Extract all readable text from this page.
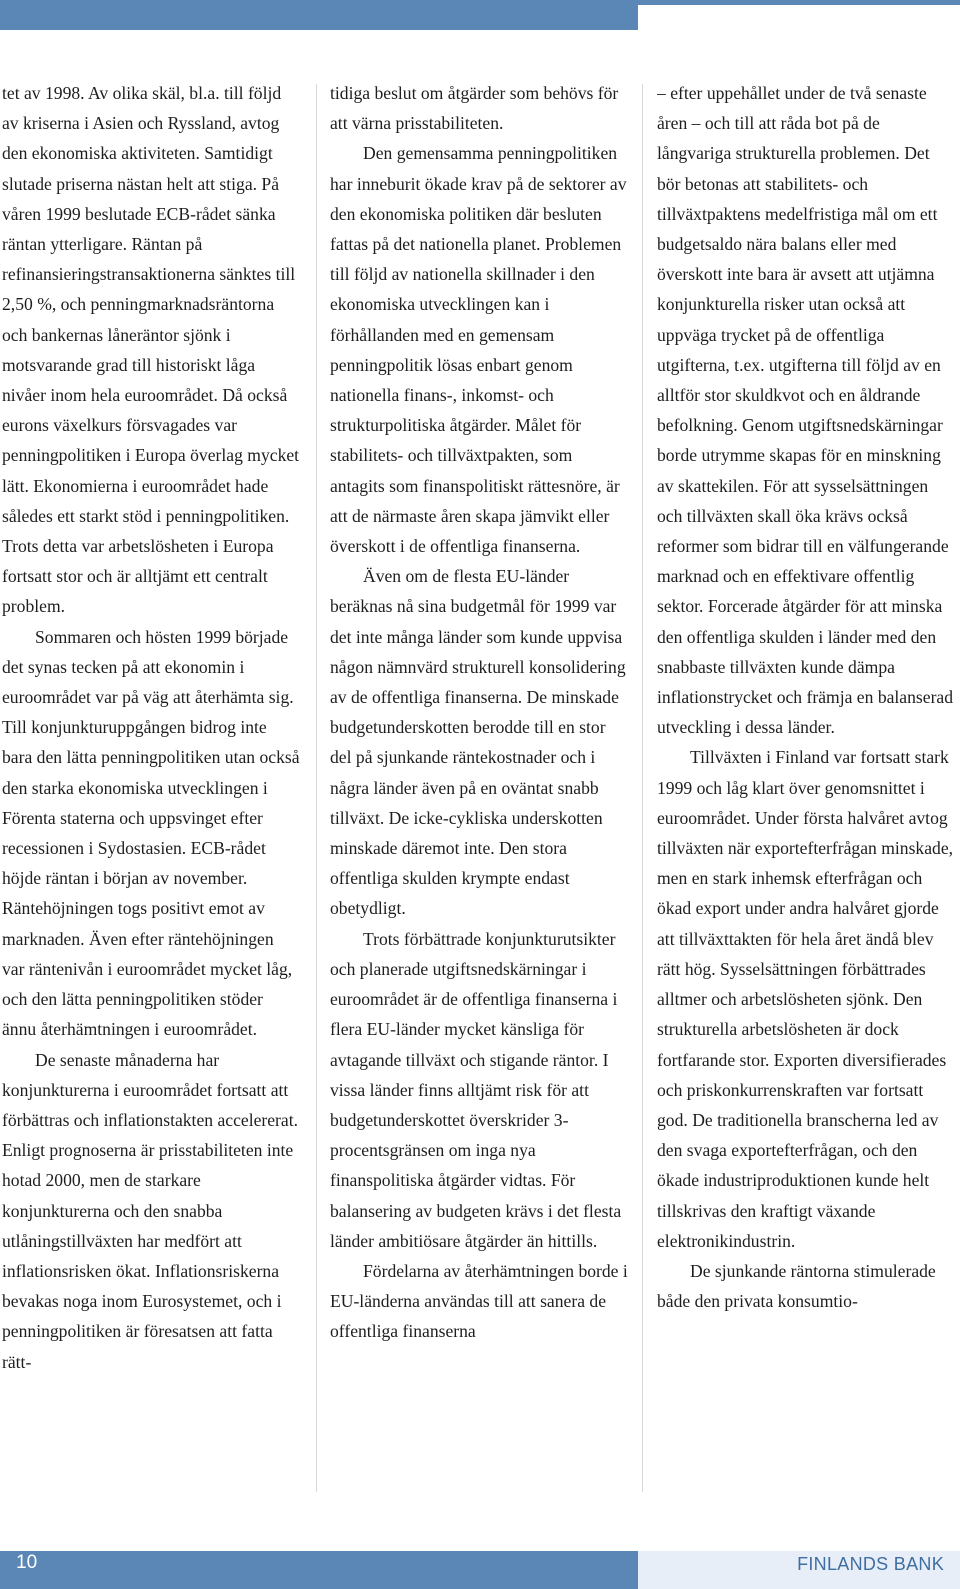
tet av 1998. Av olika skäl, bl.a. till följd av kriserna i Asien och Ryssland, avtog den ekonomiska aktiviteten. Samtidigt slutade priserna nästan helt att stiga. På våren 1999 beslutade ECB-rådet sänka räntan ytterligare. Räntan på refinansieringstransaktionerna sänktes till 2,50 %, och penningmarknadsräntorna och bankernas låneräntor sjönk i motsvarande grad till historiskt låga nivåer inom hela euroområdet. Då också eurons växelkurs försvagades var penningpolitiken i Europa överlag mycket lätt. Ekonomierna i euroområdet hade således ett starkt stöd i penningpolitiken. Trots detta var arbetslösheten i Europa fortsatt stor och är alltjämt ett centralt problem.

Sommaren och hösten 1999 började det synas tecken på att ekonomin i euroområdet var på väg att återhämta sig. Till konjunkturuppgången bidrog inte bara den lätta penningpolitiken utan också den starka ekonomiska utvecklingen i Förenta staterna och uppsvinget efter recessionen i Sydostasien. ECB-rådet höjde räntan i början av november. Räntehöjningen togs positivt emot av marknaden. Även efter räntehöjningen var räntenivån i euroområdet mycket låg, och den lätta penningpolitiken stöder ännu återhämtningen i euroområdet.

De senaste månaderna har konjunkturerna i euroområdet fortsatt att förbättras och inflationstakten accelererat. Enligt prognoserna är prisstabiliteten inte hotad 2000, men de starkare konjunkturerna och den snabba utlåningstillväxten har medfört att inflationsrisken ökat. Inflationsriskerna bevakas noga inom Eurosystemet, och i penningpolitiken är föresatsen att fatta rätt-

tidiga beslut om åtgärder som behövs för att värna prisstabiliteten.

Den gemensamma penningpolitiken har inneburit ökade krav på de sektorer av den ekonomiska politiken där besluten fattas på det nationella planet. Problemen till följd av nationella skillnader i den ekonomiska utvecklingen kan i förhållanden med en gemensam penningpolitik lösas enbart genom nationella finans-, inkomst- och strukturpolitiska åtgärder. Målet för stabilitets- och tillväxtpakten, som antagits som finanspolitiskt rättesnöre, är att de närmaste åren skapa jämvikt eller överskott i de offentliga finanserna.

Även om de flesta EU-länder beräknas nå sina budgetmål för 1999 var det inte många länder som kunde uppvisa någon nämnvärd strukturell konsolidering av de offentliga finanserna. De minskade budgetunderskotten berodde till en stor del på sjunkande räntekostnader och i några länder även på en oväntat snabb tillväxt. De icke-cykliska underskotten minskade däremot inte. Den stora offentliga skulden krympte endast obetydligt.

Trots förbättrade konjunkturutsikter och planerade utgiftsnedskärningar i euroområdet är de offentliga finanserna i flera EU-länder mycket känsliga för avtagande tillväxt och stigande räntor. I vissa länder finns alltjämt risk för att budgetunderskottet överskrider 3-procentsgränsen om inga nya finanspolitiska åtgärder vidtas. För balansering av budgeten krävs i det flesta länder ambitiösare åtgärder än hittills.

Fördelarna av återhämtningen borde i EU-länderna användas till att sanera de offentliga finanserna

– efter uppehållet under de två senaste åren – och till att råda bot på de långvariga strukturella problemen. Det bör betonas att stabilitets- och tillväxtpaktens medelfristiga mål om ett budgetsaldo nära balans eller med överskott inte bara är avsett att utjämna konjunkturella risker utan också att uppväga trycket på de offentliga utgifterna, t.ex. utgifterna till följd av en alltför stor skuldkvot och en åldrande befolkning. Genom utgiftsnedskärningar borde utrymme skapas för en minskning av skattekilen. För att sysselsättningen och tillväxten skall öka krävs också reformer som bidrar till en välfungerande marknad och en effektivare offentlig sektor. Forcerade åtgärder för att minska den offentliga skulden i länder med den snabbaste tillväxten kunde dämpa inflationstrycket och främja en balanserad utveckling i dessa länder.

Tillväxten i Finland var fortsatt stark 1999 och låg klart över genomsnittet i euroområdet. Under första halvåret avtog tillväxten när exportefterfrågan minskade, men en stark inhemsk efterfrågan och ökad export under andra halvåret gjorde att tillväxttakten för hela året ändå blev rätt hög. Sysselsättningen förbättrades alltmer och arbetslösheten sjönk. Den strukturella arbetslösheten är dock fortfarande stor. Exporten diversifierades och priskonkurrenskraften var fortsatt god. De traditionella branscherna led av den svaga exportefterfrågan, och den ökade industriproduktionen kunde helt tillskrivas den kraftigt växande elektronikindustrin.

De sjunkande räntorna stimulerade både den privata konsumtio-

10	FINLANDS BANK
